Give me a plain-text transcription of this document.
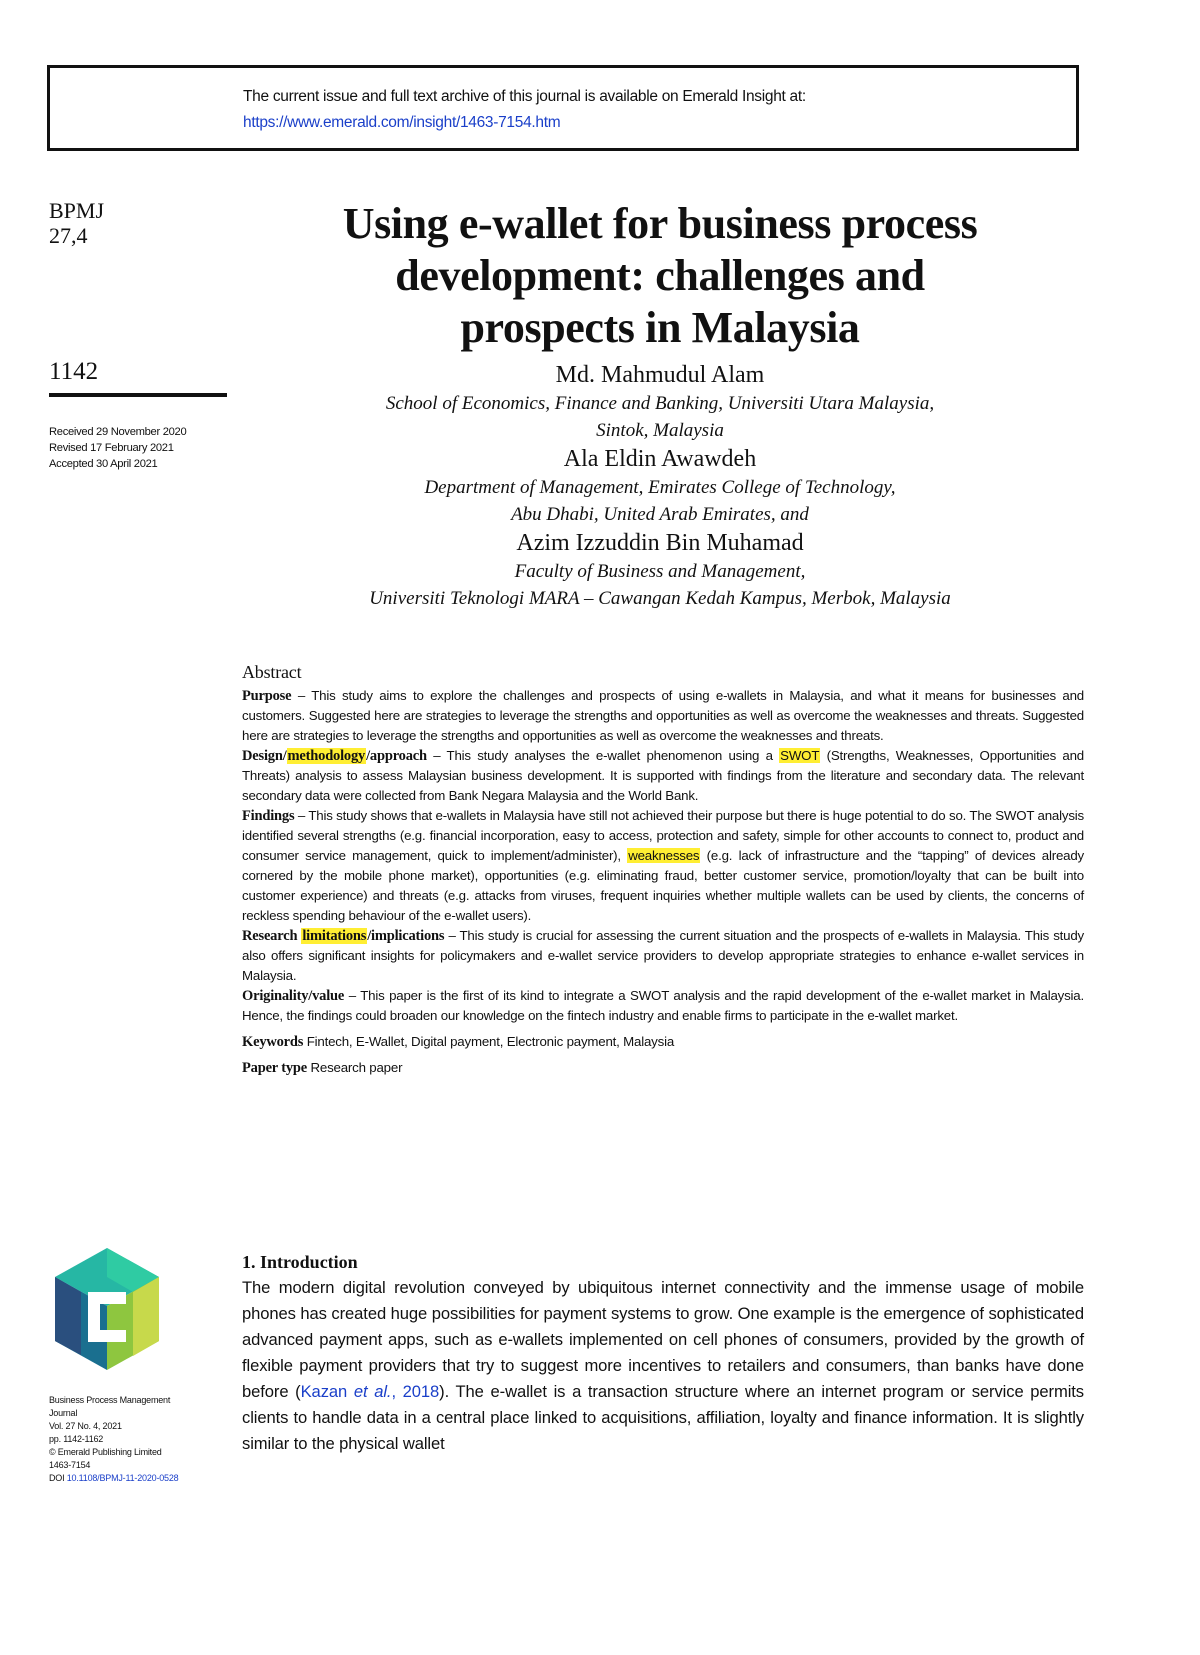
The current issue and full text archive of this journal is available on Emerald Insight at:
https://www.emerald.com/insight/1463-7154.htm
BPMJ
27,4
1142
Received 29 November 2020
Revised 17 February 2021
Accepted 30 April 2021
Using e-wallet for business process
development: challenges and
prospects in Malaysia
Md. Mahmudul Alam
School of Economics, Finance and Banking, Universiti Utara Malaysia,
Sintok, Malaysia
Ala Eldin Awawdeh
Department of Management, Emirates College of Technology,
Abu Dhabi, United Arab Emirates, and
Azim Izzuddin Bin Muhamad
Faculty of Business and Management,
Universiti Teknologi MARA – Cawangan Kedah Kampus, Merbok, Malaysia
Abstract

Purpose – This study aims to explore the challenges and prospects of using e-wallets in Malaysia, and what it means for businesses and customers. Suggested here are strategies to leverage the strengths and opportunities as well as overcome the weaknesses and threats. Suggested here are strategies to leverage the strengths and opportunities as well as overcome the weaknesses and threats.

Design/methodology/approach – This study analyses the e-wallet phenomenon using a SWOT (Strengths, Weaknesses, Opportunities and Threats) analysis to assess Malaysian business development. It is supported with findings from the literature and secondary data. The relevant secondary data were collected from Bank Negara Malaysia and the World Bank.

Findings – This study shows that e-wallets in Malaysia have still not achieved their purpose but there is huge potential to do so. The SWOT analysis identified several strengths (e.g. financial incorporation, easy to access, protection and safety, simple for other accounts to connect to, product and consumer service management, quick to implement/administer), weaknesses (e.g. lack of infrastructure and the “tapping” of devices already cornered by the mobile phone market), opportunities (e.g. eliminating fraud, better customer service, promotion/loyalty that can be built into customer experience) and threats (e.g. attacks from viruses, frequent inquiries whether multiple wallets can be used by clients, the concerns of reckless spending behaviour of the e-wallet users).

Research limitations/implications – This study is crucial for assessing the current situation and the prospects of e-wallets in Malaysia. This study also offers significant insights for policymakers and e-wallet service providers to develop appropriate strategies to enhance e-wallet services in Malaysia.

Originality/value – This paper is the first of its kind to integrate a SWOT analysis and the rapid development of the e-wallet market in Malaysia. Hence, the findings could broaden our knowledge on the fintech industry and enable firms to participate in the e-wallet market.

Keywords Fintech, E-Wallet, Digital payment, Electronic payment, Malaysia

Paper type Research paper

Business Process Management
Journal
Vol. 27 No. 4, 2021
pp. 1142-1162
© Emerald Publishing Limited
1463-7154
DOI 10.1108/BPMJ-11-2020-0528
1. Introduction

The modern digital revolution conveyed by ubiquitous internet connectivity and the immense usage of mobile phones has created huge possibilities for payment systems to grow. One example is the emergence of sophisticated advanced payment apps, such as e-wallets implemented on cell phones of consumers, provided by the growth of flexible payment providers that try to suggest more incentives to retailers and consumers, than banks have done before (Kazan et al., 2018). The e-wallet is a transaction structure where an internet program or service permits clients to handle data in a central place linked to acquisitions, affiliation, loyalty and finance information. It is slightly similar to the physical wallet
